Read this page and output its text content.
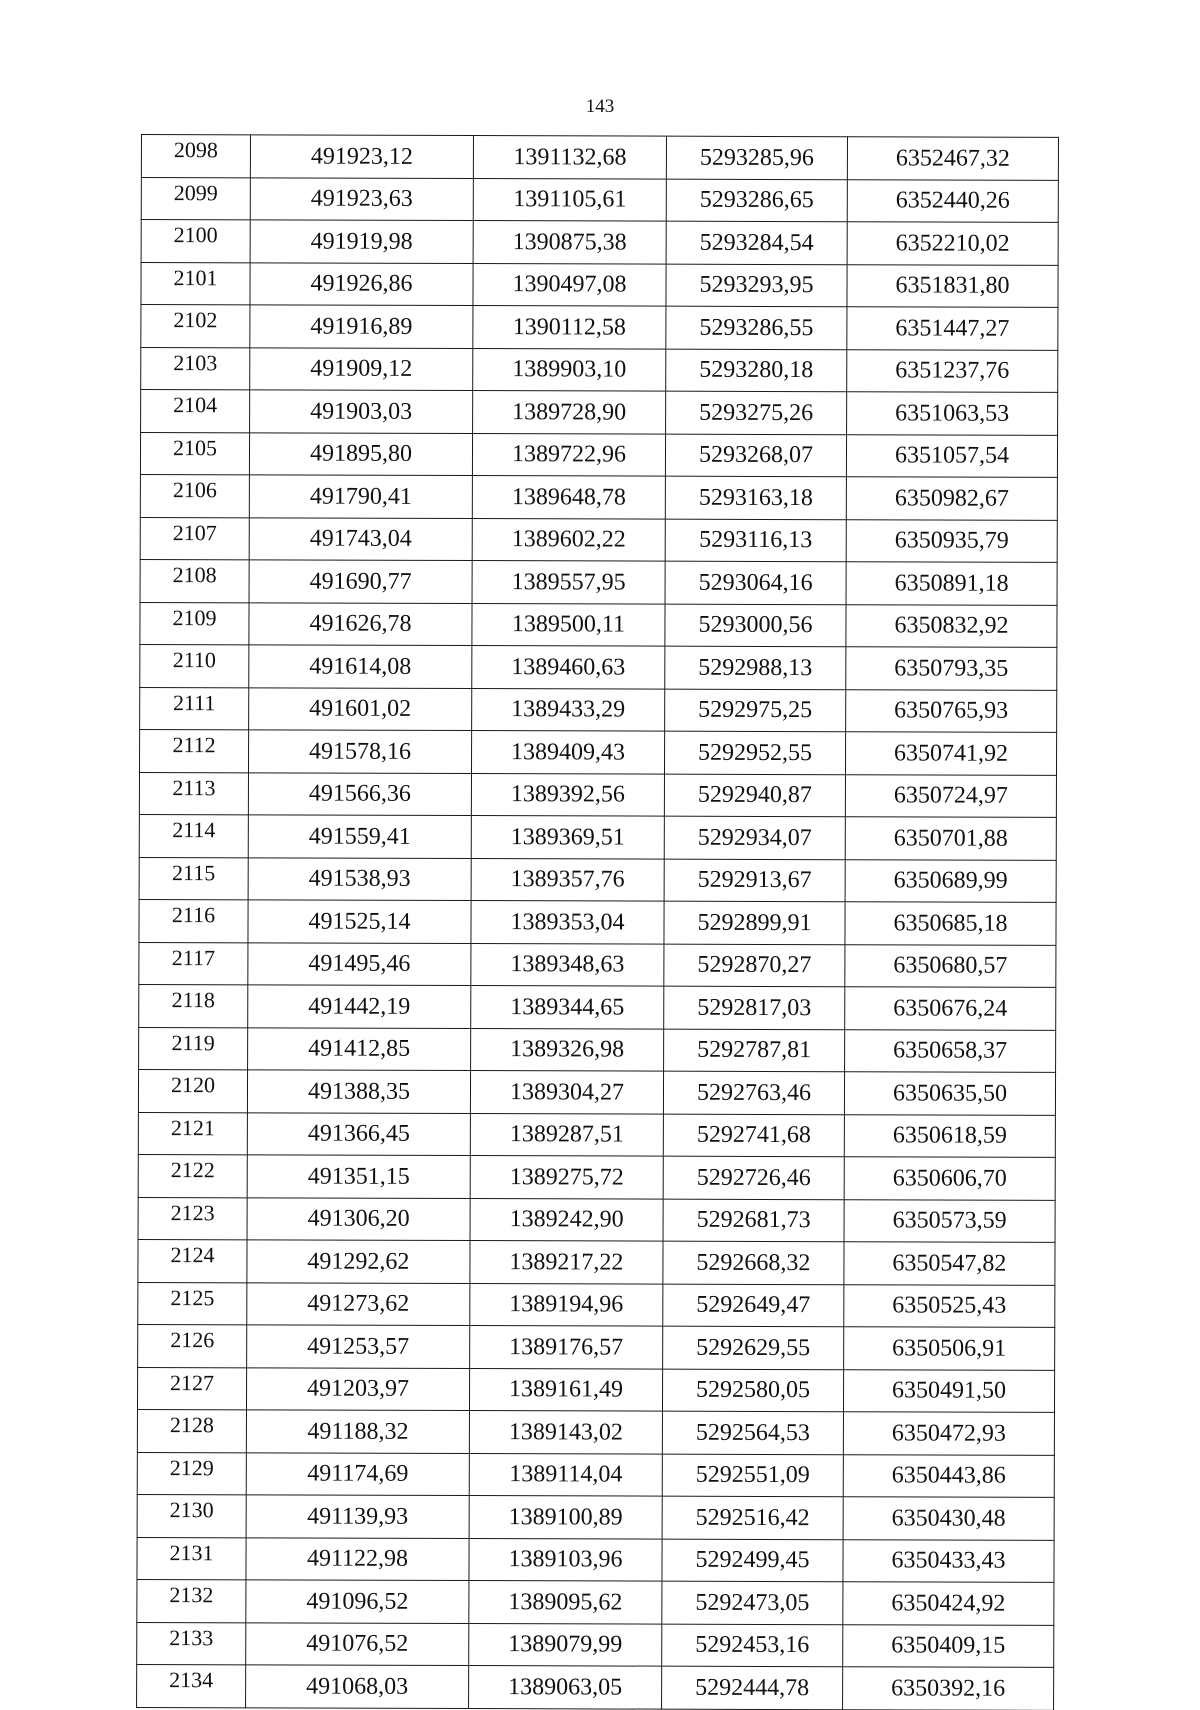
143
2098	491923,12	1391132,68	5293285,96	6352467,32
2099	491923,63	1391105,61	5293286,65	6352440,26
2100	491919,98	1390875,38	5293284,54	6352210,02
2101	491926,86	1390497,08	5293293,95	6351831,80
2102	491916,89	1390112,58	5293286,55	6351447,27
2103	491909,12	1389903,10	5293280,18	6351237,76
2104	491903,03	1389728,90	5293275,26	6351063,53
2105	491895,80	1389722,96	5293268,07	6351057,54
2106	491790,41	1389648,78	5293163,18	6350982,67
2107	491743,04	1389602,22	5293116,13	6350935,79
2108	491690,77	1389557,95	5293064,16	6350891,18
2109	491626,78	1389500,11	5293000,56	6350832,92
2110	491614,08	1389460,63	5292988,13	6350793,35
2111	491601,02	1389433,29	5292975,25	6350765,93
2112	491578,16	1389409,43	5292952,55	6350741,92
2113	491566,36	1389392,56	5292940,87	6350724,97
2114	491559,41	1389369,51	5292934,07	6350701,88
2115	491538,93	1389357,76	5292913,67	6350689,99
2116	491525,14	1389353,04	5292899,91	6350685,18
2117	491495,46	1389348,63	5292870,27	6350680,57
2118	491442,19	1389344,65	5292817,03	6350676,24
2119	491412,85	1389326,98	5292787,81	6350658,37
2120	491388,35	1389304,27	5292763,46	6350635,50
2121	491366,45	1389287,51	5292741,68	6350618,59
2122	491351,15	1389275,72	5292726,46	6350606,70
2123	491306,20	1389242,90	5292681,73	6350573,59
2124	491292,62	1389217,22	5292668,32	6350547,82
2125	491273,62	1389194,96	5292649,47	6350525,43
2126	491253,57	1389176,57	5292629,55	6350506,91
2127	491203,97	1389161,49	5292580,05	6350491,50
2128	491188,32	1389143,02	5292564,53	6350472,93
2129	491174,69	1389114,04	5292551,09	6350443,86
2130	491139,93	1389100,89	5292516,42	6350430,48
2131	491122,98	1389103,96	5292499,45	6350433,43
2132	491096,52	1389095,62	5292473,05	6350424,92
2133	491076,52	1389079,99	5292453,16	6350409,15
2134	491068,03	1389063,05	5292444,78	6350392,16
